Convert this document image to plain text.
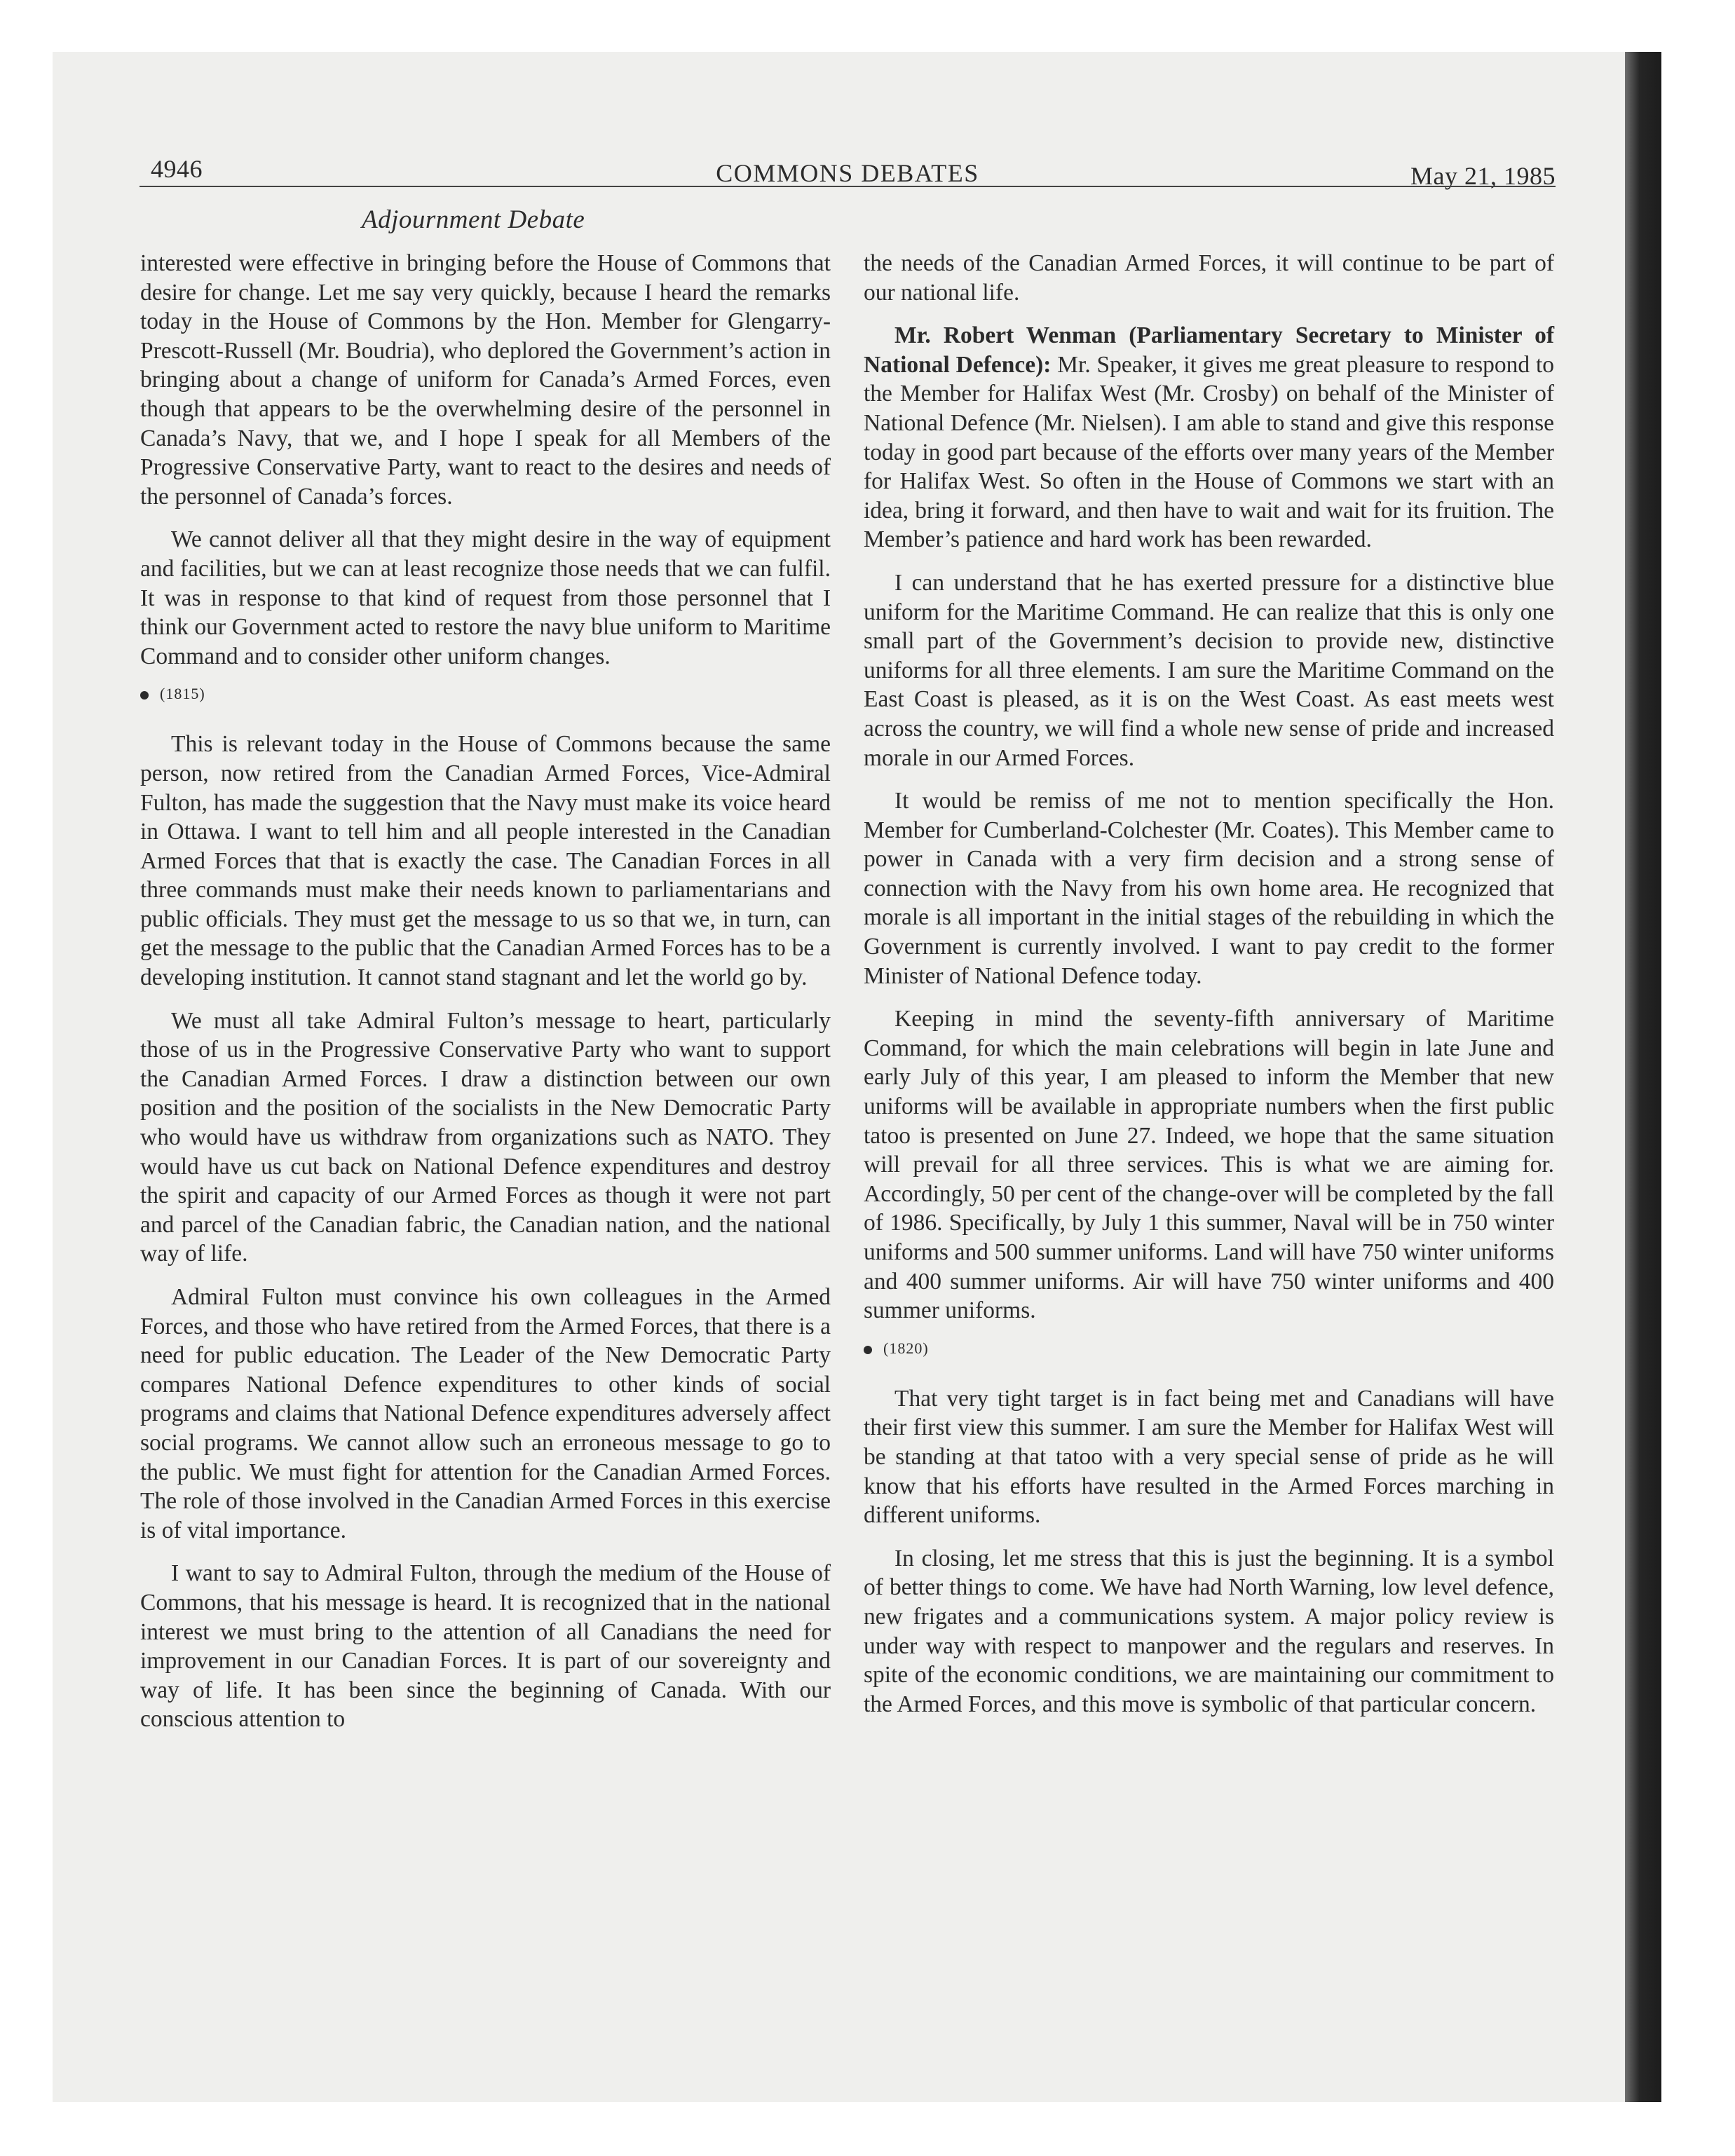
4946	COMMONS DEBATES	May 21, 1985
Adjournment Debate

interested were effective in bringing before the House of Commons that desire for change. Let me say very quickly, because I heard the remarks today in the House of Commons by the Hon. Member for Glengarry-Prescott-Russell (Mr. Boudria), who deplored the Government’s action in bringing about a change of uniform for Canada’s Armed Forces, even though that appears to be the overwhelming desire of the personnel in Canada’s Navy, that we, and I hope I speak for all Members of the Progressive Conservative Party, want to react to the desires and needs of the personnel of Canada’s forces.

We cannot deliver all that they might desire in the way of equipment and facilities, but we can at least recognize those needs that we can fulfil. It was in response to that kind of request from those personnel that I think our Government acted to restore the navy blue uniform to Maritime Command and to consider other uniform changes.

(1815)

This is relevant today in the House of Commons because the same person, now retired from the Canadian Armed Forces, Vice-Admiral Fulton, has made the suggestion that the Navy must make its voice heard in Ottawa. I want to tell him and all people interested in the Canadian Armed Forces that that is exactly the case. The Canadian Forces in all three commands must make their needs known to parliamentarians and public officials. They must get the message to us so that we, in turn, can get the message to the public that the Canadian Armed Forces has to be a developing institution. It cannot stand stagnant and let the world go by.

We must all take Admiral Fulton’s message to heart, particularly those of us in the Progressive Conservative Party who want to support the Canadian Armed Forces. I draw a distinction between our own position and the position of the socialists in the New Democratic Party who would have us withdraw from organizations such as NATO. They would have us cut back on National Defence expenditures and destroy the spirit and capacity of our Armed Forces as though it were not part and parcel of the Canadian fabric, the Canadian nation, and the national way of life.

Admiral Fulton must convince his own colleagues in the Armed Forces, and those who have retired from the Armed Forces, that there is a need for public education. The Leader of the New Democratic Party compares National Defence expenditures to other kinds of social programs and claims that National Defence expenditures adversely affect social programs. We cannot allow such an erroneous message to go to the public. We must fight for attention for the Canadian Armed Forces. The role of those involved in the Canadian Armed Forces in this exercise is of vital importance.

I want to say to Admiral Fulton, through the medium of the House of Commons, that his message is heard. It is recognized that in the national interest we must bring to the attention of all Canadians the need for improvement in our Canadian Forces. It is part of our sovereignty and way of life. It has been since the beginning of Canada. With our conscious attention to

the needs of the Canadian Armed Forces, it will continue to be part of our national life.

Mr. Robert Wenman (Parliamentary Secretary to Minister of National Defence): Mr. Speaker, it gives me great pleasure to respond to the Member for Halifax West (Mr. Crosby) on behalf of the Minister of National Defence (Mr. Nielsen). I am able to stand and give this response today in good part because of the efforts over many years of the Member for Halifax West. So often in the House of Commons we start with an idea, bring it forward, and then have to wait and wait for its fruition. The Member’s patience and hard work has been rewarded.

I can understand that he has exerted pressure for a distinctive blue uniform for the Maritime Command. He can realize that this is only one small part of the Government’s decision to provide new, distinctive uniforms for all three elements. I am sure the Maritime Command on the East Coast is pleased, as it is on the West Coast. As east meets west across the country, we will find a whole new sense of pride and increased morale in our Armed Forces.

It would be remiss of me not to mention specifically the Hon. Member for Cumberland-Colchester (Mr. Coates). This Member came to power in Canada with a very firm decision and a strong sense of connection with the Navy from his own home area. He recognized that morale is all important in the initial stages of the rebuilding in which the Government is currently involved. I want to pay credit to the former Minister of National Defence today.

Keeping in mind the seventy-fifth anniversary of Maritime Command, for which the main celebrations will begin in late June and early July of this year, I am pleased to inform the Member that new uniforms will be available in appropriate numbers when the first public tatoo is presented on June 27. Indeed, we hope that the same situation will prevail for all three services. This is what we are aiming for. Accordingly, 50 per cent of the change-over will be completed by the fall of 1986. Specifically, by July 1 this summer, Naval will be in 750 winter uniforms and 500 summer uniforms. Land will have 750 winter uniforms and 400 summer uniforms. Air will have 750 winter uniforms and 400 summer uniforms.

(1820)

That very tight target is in fact being met and Canadians will have their first view this summer. I am sure the Member for Halifax West will be standing at that tatoo with a very special sense of pride as he will know that his efforts have resulted in the Armed Forces marching in different uniforms.

In closing, let me stress that this is just the beginning. It is a symbol of better things to come. We have had North Warning, low level defence, new frigates and a communications system. A major policy review is under way with respect to manpower and the regulars and reserves. In spite of the economic conditions, we are maintaining our commitment to the Armed Forces, and this move is symbolic of that particular concern.
